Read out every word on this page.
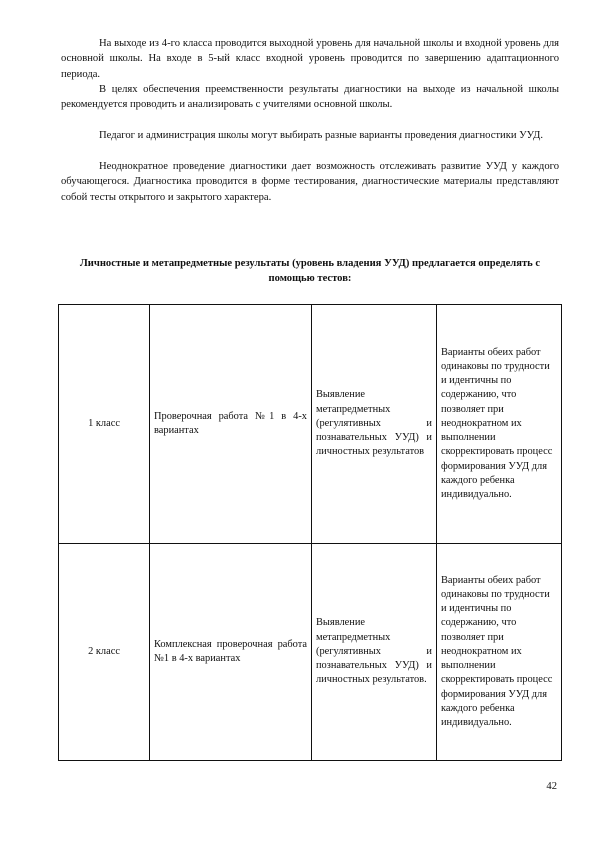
На выходе из 4-го класса проводится выходной уровень для начальной школы и входной уровень для основной школы. На входе в 5-ый класс входной уровень проводится по завершению адаптационного периода.

В целях обеспечения преемственности результаты диагностики на выходе из начальной школы рекомендуется проводить и анализировать с учителями основной школы.

Педагог и администрация школы могут выбирать разные варианты проведения диагностики УУД.

Неоднократное проведение диагностики дает возможность отслеживать развитие УУД у каждого обучающегося. Диагностика проводится в форме тестирования, диагностические материалы представляют собой тесты открытого и закрытого характера.

Личностные и метапредметные результаты (уровень владения УУД) предлагается определять с помощью тестов:

1 класс	Проверочная работа №1 в 4-х вариантах	Выявление метапредметных (регулятивных и познавательных УУД) и личностных результатов	Варианты обеих работ одинаковы по трудности и идентичны по содержанию, что позволяет при неоднократном их выполнении скорректировать процесс формирования УУД для каждого ребенка индивидуально.
2 класс	Комплексная проверочная работа №1 в 4-х вариантах	Выявление метапредметных (регулятивных и познавательных УУД) и личностных результатов.	Варианты обеих работ одинаковы по трудности и идентичны по содержанию, что позволяет при неоднократном их выполнении скорректировать процесс формирования УУД для каждого ребенка индивидуально.
42
